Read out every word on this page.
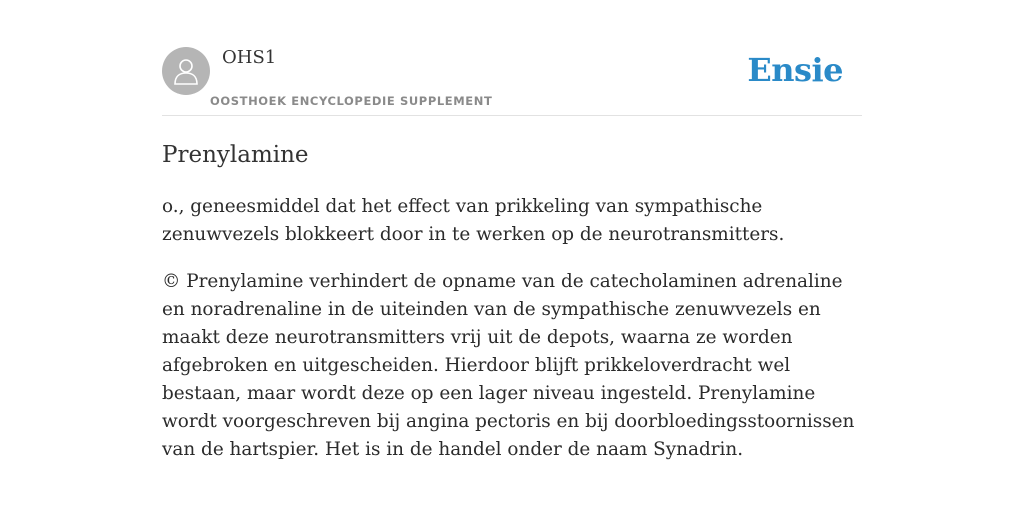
OHS1
OOSTHOEK ENCYCLOPEDIE SUPPLEMENT
Ensie
Prenylamine

o., geneesmiddel dat het effect van prikkeling van sympathische zenuwvezels blokkeert door in te werken op de neurotransmitters.

© Prenylamine verhindert de opname van de catecholaminen adrenaline en noradrenaline in de uiteinden van de sympathische zenuwvezels en maakt deze neurotransmitters vrij uit de depots, waarna ze worden afgebroken en uitgescheiden. Hierdoor blijft prikkeloverdracht wel bestaan, maar wordt deze op een lager niveau ingesteld. Prenylamine wordt voorgeschreven bij angina pectoris en bij doorbloedingsstoornissen van de hartspier. Het is in de handel onder de naam Synadrin.
